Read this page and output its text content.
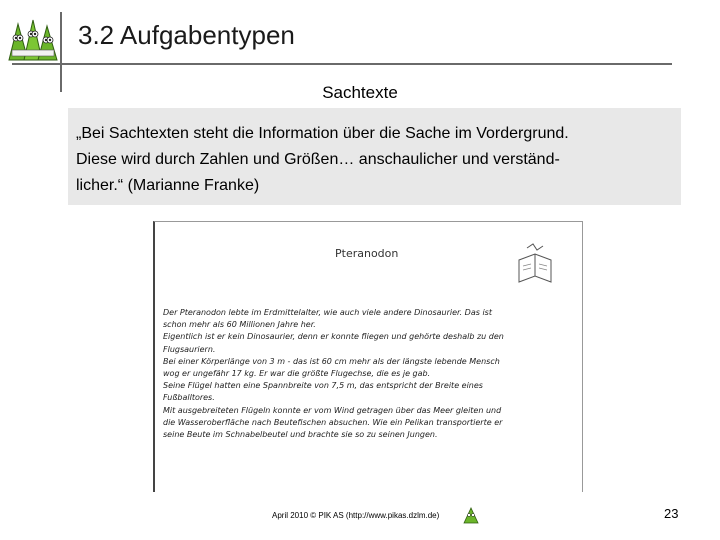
3.2 Aufgabentypen
Sachtexte
„Bei Sachtexten steht die Information über die Sache im Vordergrund.
Diese wird durch Zahlen und Größen… anschaulicher und verständ-
licher.“ (Marianne Franke)
Pteranodon
Der Pteranodon lebte im Erdmittelalter, wie auch viele andere Dinosaurier. Das ist
schon mehr als 60 Millionen Jahre her.
Eigentlich ist er kein Dinosaurier, denn er konnte fliegen und gehörte deshalb zu den
Flugsauriern.
Bei einer Körperlänge von 3 m - das ist 60 cm mehr als der längste lebende Mensch
wog er ungefähr 17 kg. Er war die größte Flugechse, die es je gab.
Seine Flügel hatten eine Spannbreite von 7,5 m, das entspricht der Breite eines
Fußballtores.
Mit ausgebreiteten Flügeln konnte er vom Wind getragen über das Meer gleiten und
die Wasseroberfläche nach Beutefischen absuchen. Wie ein Pelikan transportierte er
seine Beute im Schnabelbeutel und brachte sie so zu seinen Jungen.
April 2010 © PIK AS (http://www.pikas.dzlm.de)	23
